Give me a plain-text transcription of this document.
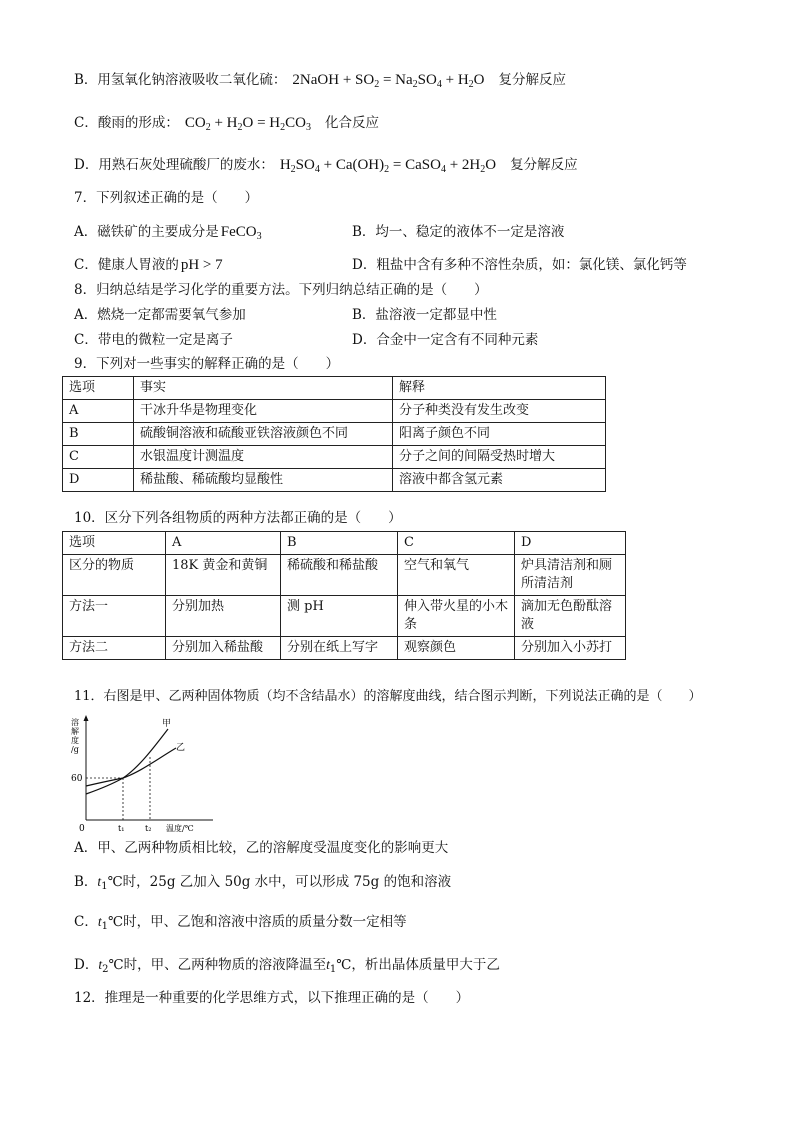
B．用氢氧化钠溶液吸收二氧化硫： 2NaOH + $SO_2 = Na_2SO_4 + H_2O$ 复分解反应
C．酸雨的形成： $CO_2 + H_2O = H_2CO_3$ 化合反应
D．用熟石灰处理硫酸厂的废水： $H_2SO_4 + Ca(OH)_2$ = CaSO$_4$ + $2H_2O$ 复分解反应
7．下列叙述正确的是（　　）
A．磁铁矿的主要成分是 FeCO$_3$	B．均一、稳定的液体不一定是溶液
C．健康人胃液的 pH > 7	D．粗盐中含有多种不溶性杂质，如：氯化镁、氯化钙等
8．归纳总结是学习化学的重要方法。下列归纳总结正确的是（　　）
A．燃烧一定都需要氧气参加	B．盐溶液一定都显中性
C．带电的微粒一定是离子	D．合金中一定含有不同种元素
9．下列对一些事实的解释正确的是（　　）
选项	事实	解释
A	干冰升华是物理变化	分子种类没有发生改变
B	硫酸铜溶液和硫酸亚铁溶液颜色不同	阳离子颜色不同
C	水银温度计测温度	分子之间的间隔受热时增大
D	稀盐酸、稀硫酸均显酸性	溶液中都含氢元素
10．区分下列各组物质的两种方法都正确的是（　　）
选项	A	B	C	D
区分的物质	18K 黄金和黄铜	稀硫酸和稀盐酸	空气和氧气	炉具清洁剂和厕所清洁剂
方法一	分别加热	测 pH	伸入带火星的小木条	滴加无色酚酞溶液
方法二	分别加入稀盐酸	分别在纸上写字	观察颜色	分别加入小苏打
11．右图是甲、乙两种固体物质（均不含结晶水）的溶解度曲线，结合图示判断，下列说法正确的是（　　）
溶解度/g
60
甲
乙
0	t₁	t₂ 温度/℃
A．甲、乙两种物质相比较，乙的溶解度受温度变化的影响更大
B．$t_1℃$时，25g 乙加入 50g 水中，可以形成 75g 的饱和溶液
C．$t_1℃$时，甲、乙饱和溶液中溶质的质量分数一定相等
D．$t_2℃$时，甲、乙两种物质的溶液降温至$t_1℃$，析出晶体质量甲大于乙
12．推理是一种重要的化学思维方式，以下推理正确的是（　　）
